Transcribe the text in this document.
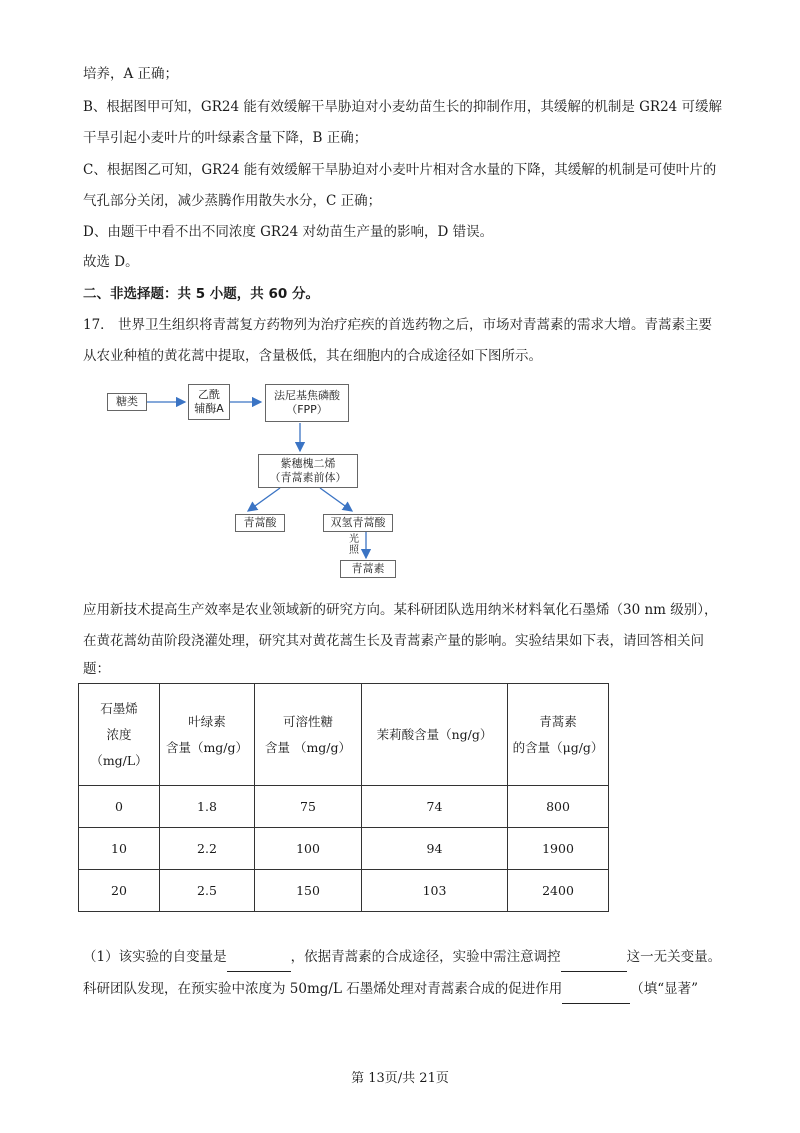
培养，A 正确；

B、根据图甲可知，GR24 能有效缓解干旱胁迫对小麦幼苗生长的抑制作用，其缓解的机制是 GR24 可缓解

干旱引起小麦叶片的叶绿素含量下降，B 正确；

C、根据图乙可知，GR24 能有效缓解干旱胁迫对小麦叶片相对含水量的下降，其缓解的机制是可使叶片的

气孔部分关闭，减少蒸腾作用散失水分，C 正确；

D、由题干中看不出不同浓度 GR24 对幼苗生产量的影响，D 错误。

故选 D。

二、非选择题：共 5 小题，共 60 分。

17． 世界卫生组织将青蒿复方药物列为治疗疟疾的首选药物之后，市场对青蒿素的需求大增。青蒿素主要

从农业种植的黄花蒿中提取，含量极低，其在细胞内的合成途径如下图所示。

糖类
乙酰
辅酶A
法尼基焦磷酸
（FPP）
紫穗槐二烯
（青蒿素前体）
青蒿酸	双氢青蒿酸
光照
青蒿素

应用新技术提高生产效率是农业领域新的研究方向。某科研团队选用纳米材料氧化石墨烯（30 nm 级别），

在黄花蒿幼苗阶段浇灌处理，研究其对黄花蒿生长及青蒿素产量的影响。实验结果如下表，请回答相关问

题：

石墨烯
浓度
（mg/L）	叶绿素
含量（mg/g）	可溶性糖
含量 （mg/g）	茉莉酸含量（ng/g）	青蒿素
的含量（μg/g）

0	1.8	75	74	800
10	2.2	100	94	1900
20	2.5	150	103	2400

（1）该实验的自变量是	，依据青蒿素的合成途径，实验中需注意调控	这一无关变量。

科研团队发现，在预实验中浓度为 50mg/L 石墨烯处理对青蒿素合成的促进作用	（填“显著”

第 13页/共 21页
